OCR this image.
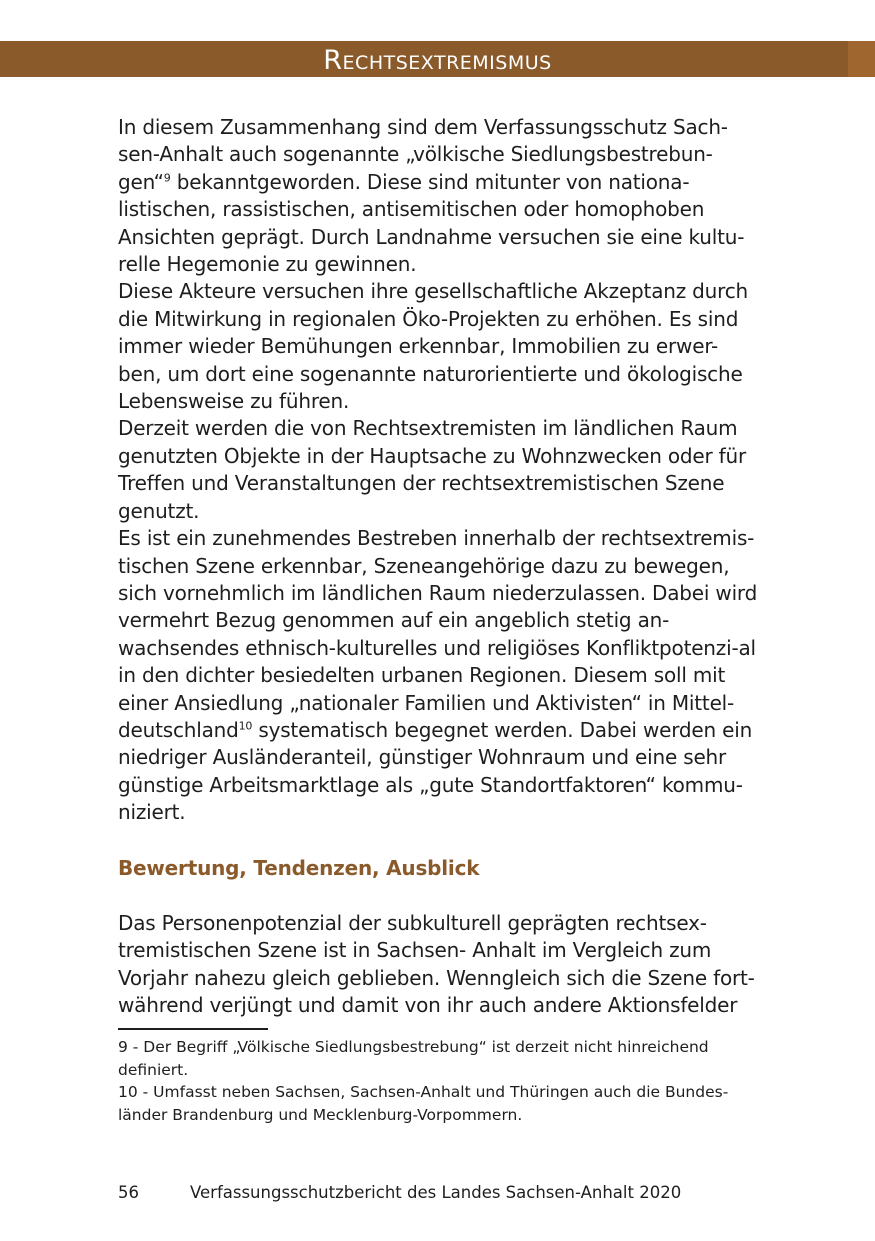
Rechtsextremismus

In diesem Zusammenhang sind dem Verfassungsschutz Sach-sen-Anhalt auch sogenannte „völkische Siedlungsbestrebun-gen“$^9$ bekanntgeworden. Diese sind mitunter von nationa-listischen, rassistischen, antisemitischen oder homophoben Ansichten geprägt. Durch Landnahme versuchen sie eine kultu-relle Hegemonie zu gewinnen.

Diese Akteure versuchen ihre gesellschaftliche Akzeptanz durch die Mitwirkung in regionalen Öko-Projekten zu erhöhen. Es sind immer wieder Bemühungen erkennbar, Immobilien zu erwer-ben, um dort eine sogenannte naturorientierte und ökologische Lebensweise zu führen.

Derzeit werden die von Rechtsextremisten im ländlichen Raum genutzten Objekte in der Hauptsache zu Wohnzwecken oder für Treffen und Veranstaltungen der rechtsextremistischen Szene genutzt.

Es ist ein zunehmendes Bestreben innerhalb der rechtsextremis-tischen Szene erkennbar, Szeneangehörige dazu zu bewegen, sich vornehmlich im ländlichen Raum niederzulassen. Dabei wird vermehrt Bezug genommen auf ein angeblich stetig an-wachsendes ethnisch-kulturelles und religiöses Konfliktpotenzi-al in den dichter besiedelten urbanen Regionen. Diesem soll mit einer Ansiedlung „nationaler Familien und Aktivisten“ in Mittel-deutschland$^{10}$ systematisch begegnet werden. Dabei werden ein niedriger Ausländeranteil, günstiger Wohnraum und eine sehr günstige Arbeitsmarktlage als „gute Standortfaktoren“ kommu-niziert.

Bewertung, Tendenzen, Ausblick

Das Personenpotenzial der subkulturell geprägten rechtsex-tremistischen Szene ist in Sachsen- Anhalt im Vergleich zum Vorjahr nahezu gleich geblieben. Wenngleich sich die Szene fort-während verjüngt und damit von ihr auch andere Aktionsfelder

9 - Der Begriff „Völkische Siedlungsbestrebung“ ist derzeit nicht hinreichend definiert.

10 - Umfasst neben Sachsen, Sachsen-Anhalt und Thüringen auch die Bundes-länder Brandenburg und Mecklenburg-Vorpommern.

56	Verfassungsschutzbericht des Landes Sachsen-Anhalt 2020
